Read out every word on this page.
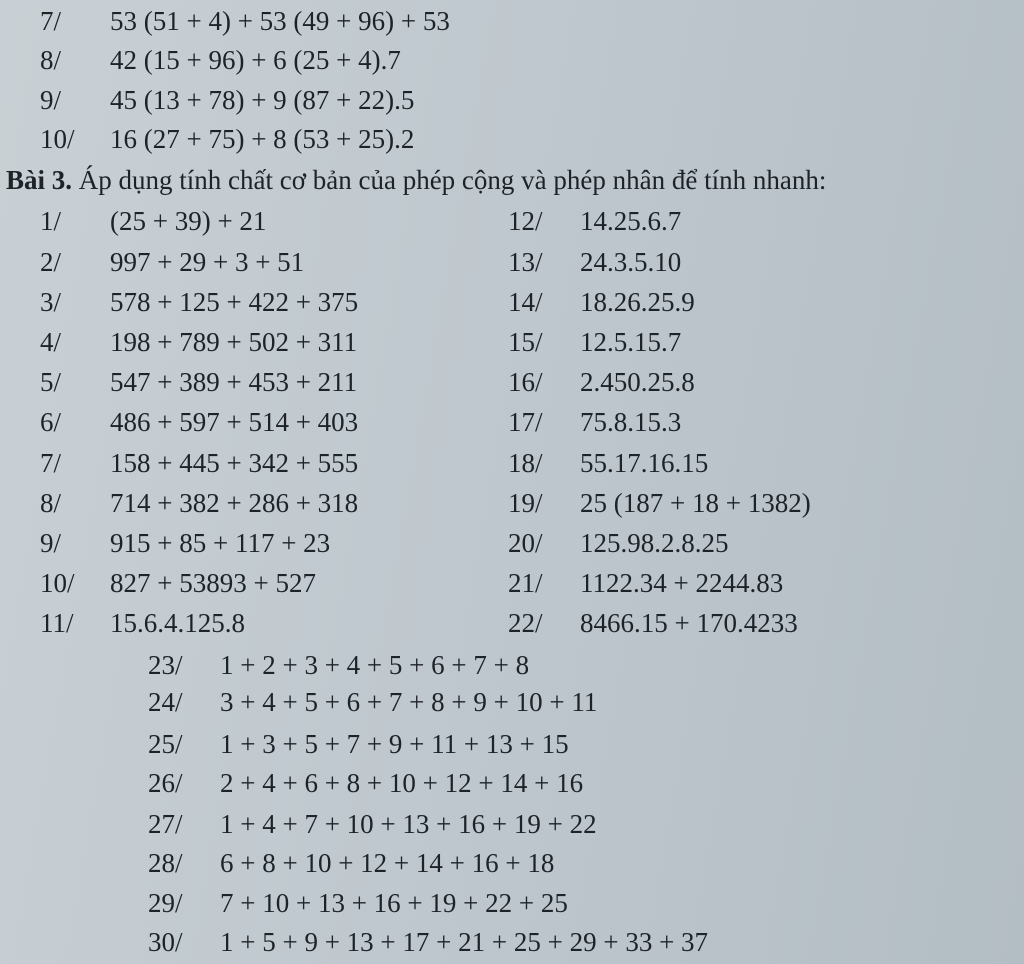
7/ 53 (51 + 4) + 53 (49 + 96) + 53
8/ 42 (15 + 96) + 6 (25 + 4).7
9/ 45 (13 + 78) + 9 (87 + 22).5
10/ 16 (27 + 75) + 8 (53 + 25).2
Bài 3. Áp dụng tính chất cơ bản của phép cộng và phép nhân để tính nhanh:
1/ (25 + 39) + 21
2/ 997 + 29 + 3 + 51
3/ 578 + 125 + 422 + 375
4/ 198 + 789 + 502 + 311
5/ 547 + 389 + 453 + 211
6/ 486 + 597 + 514 + 403
7/ 158 + 445 + 342 + 555
8/ 714 + 382 + 286 + 318
9/ 915 + 85 + 117 + 23
10/ 827 + 53893 + 527
11/ 15.6.4.125.8
12/ 14.25.6.7
13/ 24.3.5.10
14/ 18.26.25.9
15/ 12.5.15.7
16/ 2.450.25.8
17/ 75.8.15.3
18/ 55.17.16.15
19/ 25 (187 + 18 + 1382)
20/ 125.98.2.8.25
21/ 1122.34 + 2244.83
22/ 8466.15 + 170.4233
23/ 1 + 2 + 3 + 4 + 5 + 6 + 7 + 8
24/ 3 + 4 + 5 + 6 + 7 + 8 + 9 + 10 + 11
25/ 1 + 3 + 5 + 7 + 9 + 11 + 13 + 15
26/ 2 + 4 + 6 + 8 + 10 + 12 + 14 + 16
27/ 1 + 4 + 7 + 10 + 13 + 16 + 19 + 22
28/ 6 + 8 + 10 + 12 + 14 + 16 + 18
29/ 7 + 10 + 13 + 16 + 19 + 22 + 25
30/ 1 + 5 + 9 + 13 + 17 + 21 + 25 + 29 + 33 + 37
